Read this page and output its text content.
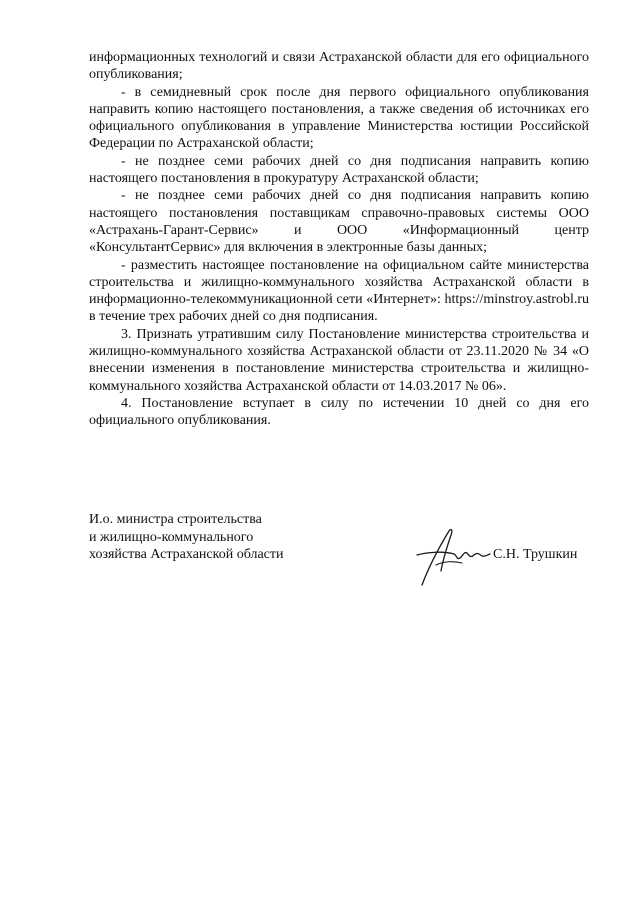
информационных технологий и связи Астраханской области для его официального опубликования;

- в семидневный срок после дня первого официального опубликования направить копию настоящего постановления, а также сведения об источниках его официального опубликования в управление Министерства юстиции Российской Федерации по Астраханской области;

- не позднее семи рабочих дней со дня подписания направить копию настоящего постановления в прокуратуру Астраханской области;

- не позднее семи рабочих дней со дня подписания направить копию настоящего постановления поставщикам справочно-правовых системы ООО «Астрахань-Гарант-Сервис» и ООО «Информационный центр «КонсультантСервис» для включения в электронные базы данных;

- разместить настоящее постановление на официальном сайте министерства строительства и жилищно-коммунального хозяйства Астраханской области в информационно-телекоммуникационной сети «Интернет»: https://minstroy.astrobl.ru в течение трех рабочих дней со дня подписания.

3. Признать утратившим силу Постановление министерства строительства и жилищно-коммунального хозяйства Астраханской области от 23.11.2020 № 34 «О внесении изменения в постановление министерства строительства и жилищно-коммунального хозяйства Астраханской области от 14.03.2017 № 06».

4. Постановление вступает в силу по истечении 10 дней со дня его официального опубликования.

И.о. министра строительства
и жилищно-коммунального
хозяйства Астраханской области	С.Н. Трушкин
